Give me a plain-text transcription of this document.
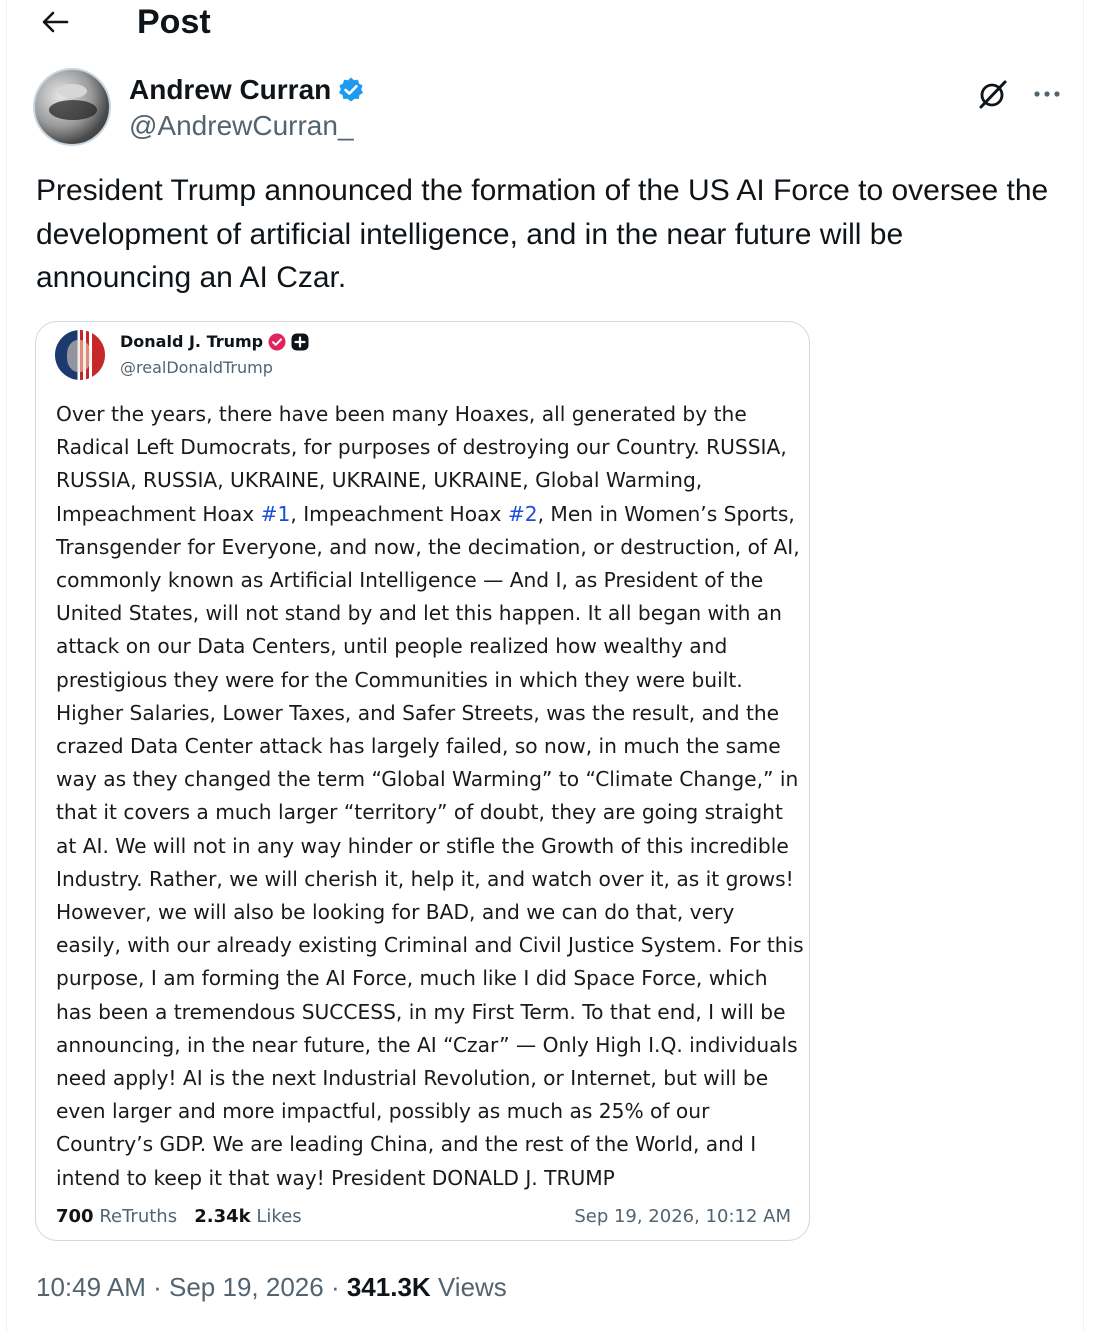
Post
Andrew Curran
@AndrewCurran_
President Trump announced the formation of the US AI Force to oversee the development of artificial intelligence, and in the near future will be announcing an AI Czar.
Donald J. Trump
@realDonaldTrump
Over the years, there have been many Hoaxes, all generated by the Radical Left Dumocrats, for purposes of destroying our Country. RUSSIA, RUSSIA, RUSSIA, UKRAINE, UKRAINE, UKRAINE, Global Warming, Impeachment Hoax #1, Impeachment Hoax #2, Men in Women’s Sports, Transgender for Everyone, and now, the decimation, or destruction, of AI, commonly known as Artificial Intelligence — And I, as President of the United States, will not stand by and let this happen. It all began with an attack on our Data Centers, until people realized how wealthy and prestigious they were for the Communities in which they were built. Higher Salaries, Lower Taxes, and Safer Streets, was the result, and the crazed Data Center attack has largely failed, so now, in much the same way as they changed the term “Global Warming” to “Climate Change,” in that it covers a much larger “territory” of doubt, they are going straight at AI. We will not in any way hinder or stifle the Growth of this incredible Industry. Rather, we will cherish it, help it, and watch over it, as it grows! However, we will also be looking for BAD, and we can do that, very easily, with our already existing Criminal and Civil Justice System. For this purpose, I am forming the AI Force, much like I did Space Force, which has been a tremendous SUCCESS, in my First Term. To that end, I will be announcing, in the near future, the AI “Czar” — Only High I.Q. individuals need apply! AI is the next Industrial Revolution, or Internet, but will be even larger and more impactful, possibly as much as 25% of our Country’s GDP. We are leading China, and the rest of the World, and I intend to keep it that way! President DONALD J. TRUMP
700 ReTruths 2.34k Likes	Sep 19, 2026, 10:12 AM
10:49 AM · Sep 19, 2026 · 341.3K Views
